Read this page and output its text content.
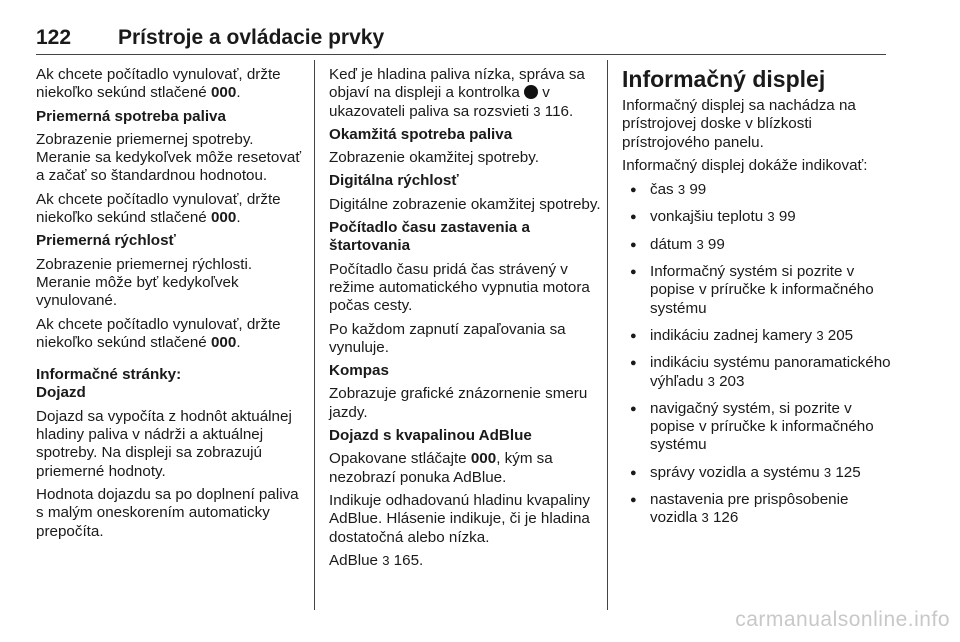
122 Prístroje a ovládacie prvky

Ak chcete počítadlo vynulovať, držte niekoľko sekúnd stlačené 000.

Priemerná spotreba paliva

Zobrazenie priemernej spotreby. Meranie sa kedykoľvek môže resetovať a začať so štandardnou hodnotou.

Ak chcete počítadlo vynulovať, držte niekoľko sekúnd stlačené 000.

Priemerná rýchlosť

Zobrazenie priemernej rýchlosti. Meranie môže byť kedykoľvek vynulované.

Ak chcete počítadlo vynulovať, držte niekoľko sekúnd stlačené 000.

Informačné stránky:

Dojazd

Dojazd sa vypočíta z hodnôt aktuálnej hladiny paliva v nádrži a aktuálnej spotreby. Na displeji sa zobrazujú priemerné hodnoty.

Hodnota dojazdu sa po doplnení paliva s malým oneskorením automaticky prepočíta.

Keď je hladina paliva nízka, správa sa objaví na displeji a kontrolka  v ukazovateli paliva sa rozsvieti 3 116.

Okamžitá spotreba paliva

Zobrazenie okamžitej spotreby.

Digitálna rýchlosť

Digitálne zobrazenie okamžitej spotreby.

Počítadlo času zastavenia a štartovania

Počítadlo času pridá čas strávený v režime automatického vypnutia motora počas cesty.

Po každom zapnutí zapaľovania sa vynuluje.

Kompas

Zobrazuje grafické znázornenie smeru jazdy.

Dojazd s kvapalinou AdBlue

Opakovane stláčajte 000, kým sa nezobrazí ponuka AdBlue.

Indikuje odhadovanú hladinu kvapaliny AdBlue. Hlásenie indikuje, či je hladina dostatočná alebo nízka.

AdBlue 3 165.

Informačný displej

Informačný displej sa nachádza na prístrojovej doske v blízkosti prístrojového panelu.

Informačný displej dokáže indikovať:

● čas 3 99
● vonkajšiu teplotu 3 99
● dátum 3 99
● Informačný systém si pozrite v popise v príručke k informačného systému
● indikáciu zadnej kamery 3 205
● indikáciu systému panoramatického výhľadu 3 203
● navigačný systém, si pozrite v popise v príručke k informačného systému
● správy vozidla a systému 3 125
● nastavenia pre prispôsobenie vozidla 3 126
carmanualsonline.info
